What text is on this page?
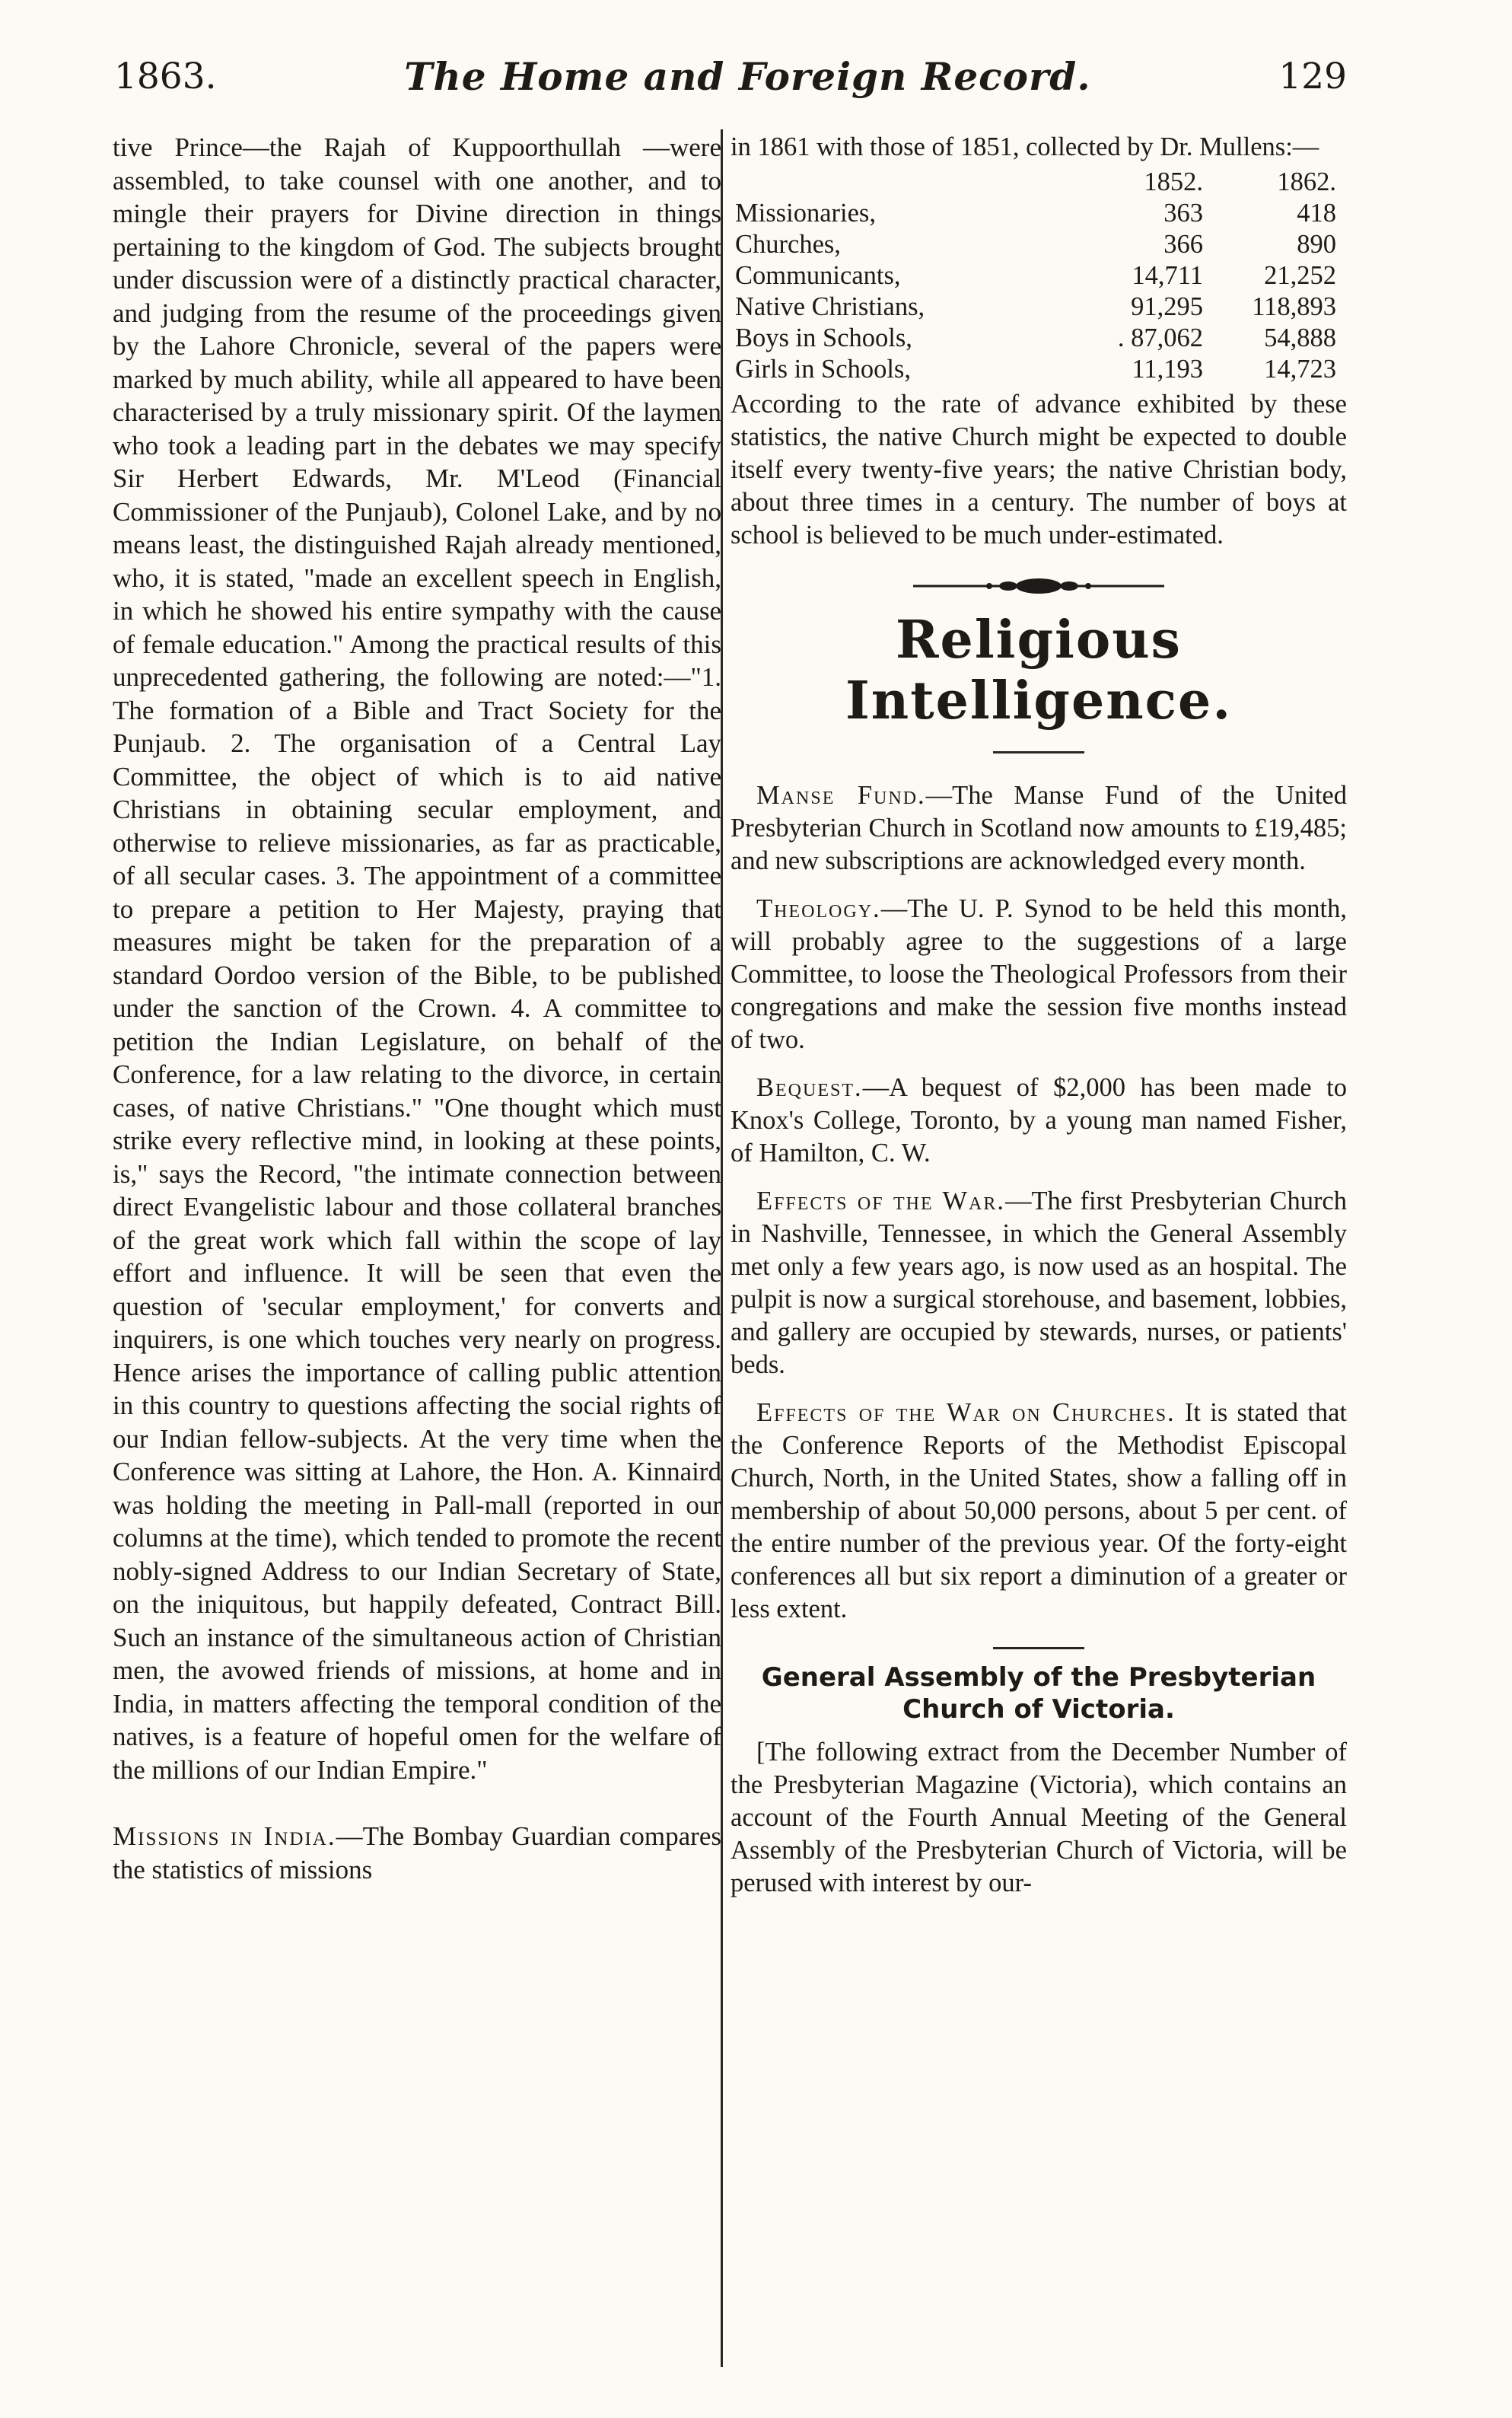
1863.	The Home and Foreign Record.	129

tive Prince—the Rajah of Kuppoorthullah —were assembled, to take counsel with one another, and to mingle their prayers for Divine direction in things pertaining to the kingdom of God. The subjects brought under discussion were of a distinctly practical character, and judging from the resume of the proceedings given by the Lahore Chronicle, several of the papers were marked by much ability, while all appeared to have been characterised by a truly missionary spirit. Of the laymen who took a leading part in the debates we may specify Sir Herbert Edwards, Mr. M'Leod (Financial Commissioner of the Punjaub), Colonel Lake, and by no means least, the distinguished Rajah already mentioned, who, it is stated, "made an excellent speech in English, in which he showed his entire sympathy with the cause of female education." Among the practical results of this unprecedented gathering, the following are noted:—"1. The formation of a Bible and Tract Society for the Punjaub. 2. The organisation of a Central Lay Committee, the object of which is to aid native Christians in obtaining secular employment, and otherwise to relieve missionaries, as far as practicable, of all secular cases. 3. The appointment of a committee to prepare a petition to Her Majesty, praying that measures might be taken for the preparation of a standard Oordoo version of the Bible, to be published under the sanction of the Crown. 4. A committee to petition the Indian Legislature, on behalf of the Conference, for a law relating to the divorce, in certain cases, of native Christians." "One thought which must strike every reflective mind, in looking at these points, is," says the Record, "the intimate connection between direct Evangelistic labour and those collateral branches of the great work which fall within the scope of lay effort and influence. It will be seen that even the question of 'secular employment,' for converts and inquirers, is one which touches very nearly on progress. Hence arises the importance of calling public attention in this country to questions affecting the social rights of our Indian fellow-subjects. At the very time when the Conference was sitting at Lahore, the Hon. A. Kinnaird was holding the meeting in Pall-mall (reported in our columns at the time), which tended to promote the recent nobly-signed Address to our Indian Secretary of State, on the iniquitous, but happily defeated, Contract Bill. Such an instance of the simultaneous action of Christian men, the avowed friends of missions, at home and in India, in matters affecting the temporal condition of the natives, is a feature of hopeful omen for the welfare of the millions of our Indian Empire."

Missions in India.—The Bombay Guardian compares the statistics of missions

in 1861 with those of 1851, collected by Dr. Mullens:—

	1852.	1862.
Missionaries,	363	418
Churches,	366	890
Communicants,	14,711	21,252
Native Christians,	91,295	118,893
Boys in Schools,	. 87,062	54,888
Girls in Schools,	11,193	14,723

According to the rate of advance exhibited by these statistics, the native Church might be expected to double itself every twenty-five years; the native Christian body, about three times in a century. The number of boys at school is believed to be much under-estimated.

Religious Intelligence.

Manse Fund.—The Manse Fund of the United Presbyterian Church in Scotland now amounts to £19,485; and new subscriptions are acknowledged every month.

Theology.—The U. P. Synod to be held this month, will probably agree to the suggestions of a large Committee, to loose the Theological Professors from their congregations and make the session five months instead of two.

Bequest.—A bequest of $2,000 has been made to Knox's College, Toronto, by a young man named Fisher, of Hamilton, C. W.

Effects of the War.—The first Presbyterian Church in Nashville, Tennessee, in which the General Assembly met only a few years ago, is now used as an hospital. The pulpit is now a surgical storehouse, and basement, lobbies, and gallery are occupied by stewards, nurses, or patients' beds.

Effects of the War on Churches. It is stated that the Conference Reports of the Methodist Episcopal Church, North, in the United States, show a falling off in membership of about 50,000 persons, about 5 per cent. of the entire number of the previous year. Of the forty-eight conferences all but six report a diminution of a greater or less extent.

General Assembly of the Presbyterian Church of Victoria.

[The following extract from the December Number of the Presbyterian Magazine (Victoria), which contains an account of the Fourth Annual Meeting of the General Assembly of the Presbyterian Church of Victoria, will be perused with interest by our-
